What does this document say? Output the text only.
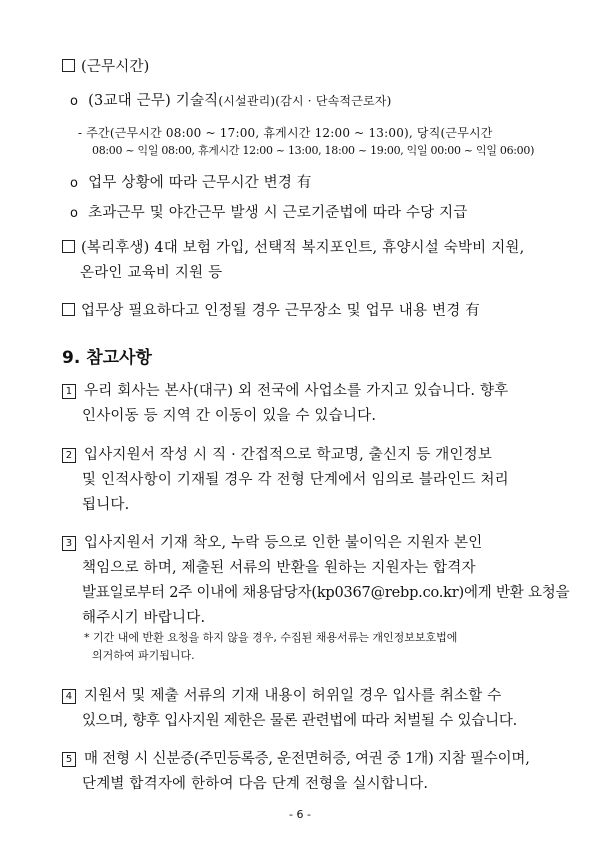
(근무시간)
o (3교대 근무) 기술직(시설관리)(감시 · 단속적근로자)
- 주간(근무시간 08:00 ~ 17:00, 휴게시간 12:00 ~ 13:00), 당직(근무시간
08:00 ~ 익일 08:00, 휴게시간 12:00 ~ 13:00, 18:00 ~ 19:00, 익일 00:00 ~ 익일 06:00)
o 업무 상황에 따라 근무시간 변경 有
o 초과근무 및 야간근무 발생 시 근로기준법에 따라 수당 지급
(복리후생) 4대 보험 가입, 선택적 복지포인트, 휴양시설 숙박비 지원,
온라인 교육비 지원 등
업무상 필요하다고 인정될 경우 근무장소 및 업무 내용 변경 有
9. 참고사항
1 우리 회사는 본사(대구) 외 전국에 사업소를 가지고 있습니다. 향후
인사이동 등 지역 간 이동이 있을 수 있습니다.
2 입사지원서 작성 시 직 · 간접적으로 학교명, 출신지 등 개인정보
및 인적사항이 기재될 경우 각 전형 단계에서 임의로 블라인드 처리
됩니다.
3 입사지원서 기재 착오, 누락 등으로 인한 불이익은 지원자 본인
책임으로 하며, 제출된 서류의 반환을 원하는 지원자는 합격자
발표일로부터 2주 이내에 채용담당자(kp0367@rebp.co.kr)에게 반환 요청을
해주시기 바랍니다.
* 기간 내에 반환 요청을 하지 않을 경우, 수집된 채용서류는 개인정보보호법에
의거하여 파기됩니다.
4 지원서 및 제출 서류의 기재 내용이 허위일 경우 입사를 취소할 수
있으며, 향후 입사지원 제한은 물론 관련법에 따라 처벌될 수 있습니다.
5 매 전형 시 신분증(주민등록증, 운전면허증, 여권 중 1개) 지참 필수이며,
단계별 합격자에 한하여 다음 단계 전형을 실시합니다.
- 6 -
